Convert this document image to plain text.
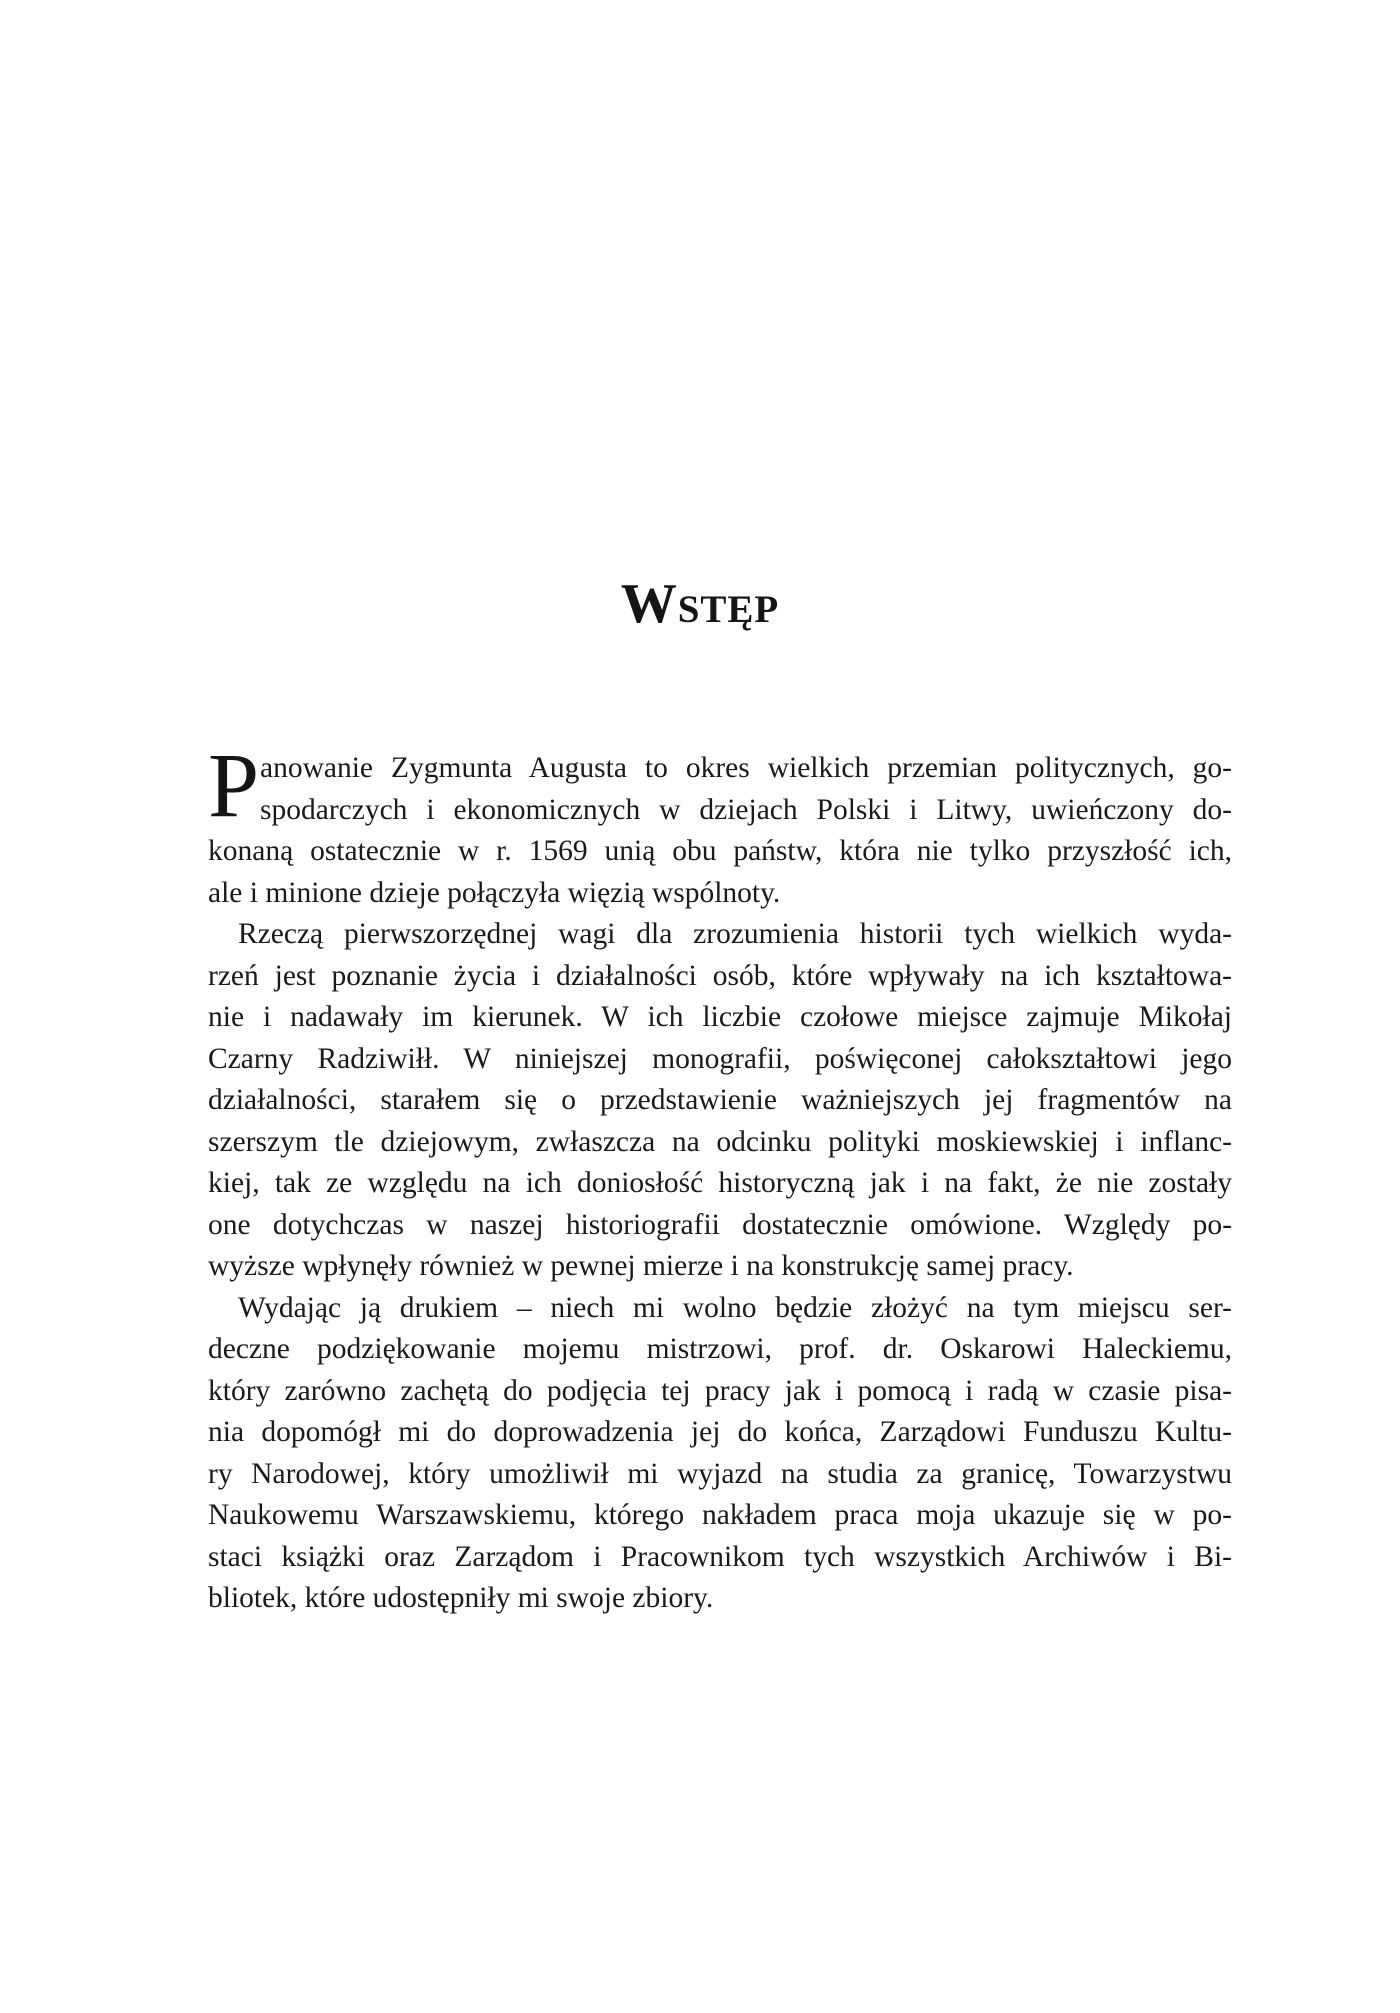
Wstęp
P anowanie Zygmunta Augusta to okres wielkich przemian politycznych, go-
spodarczych i ekonomicznych w dziejach Polski i Litwy, uwieńczony do-
konaną ostatecznie w r. 1569 unią obu państw, która nie tylko przyszłość ich,
ale i minione dzieje połączyła więzią wspólnoty.
Rzeczą pierwszorzędnej wagi dla zrozumienia historii tych wielkich wyda-
rzeń jest poznanie życia i działalności osób, które wpływały na ich kształtowa-
nie i nadawały im kierunek. W ich liczbie czołowe miejsce zajmuje Mikołaj
Czarny Radziwiłł. W niniejszej monografii, poświęconej całokształtowi jego
działalności, starałem się o przedstawienie ważniejszych jej fragmentów na
szerszym tle dziejowym, zwłaszcza na odcinku polityki moskiewskiej i inflanc-
kiej, tak ze względu na ich doniosłość historyczną jak i na fakt, że nie zostały
one dotychczas w naszej historiografii dostatecznie omówione. Względy po-
wyższe wpłynęły również w pewnej mierze i na konstrukcję samej pracy.
Wydając ją drukiem – niech mi wolno będzie złożyć na tym miejscu ser-
deczne podziękowanie mojemu mistrzowi, prof. dr. Oskarowi Haleckiemu,
który zarówno zachętą do podjęcia tej pracy jak i pomocą i radą w czasie pisa-
nia dopomógł mi do doprowadzenia jej do końca, Zarządowi Funduszu Kultu-
ry Narodowej, który umożliwił mi wyjazd na studia za granicę, Towarzystwu
Naukowemu Warszawskiemu, którego nakładem praca moja ukazuje się w po-
staci książki oraz Zarządom i Pracownikom tych wszystkich Archiwów i Bi-
bliotek, które udostępniły mi swoje zbiory.
